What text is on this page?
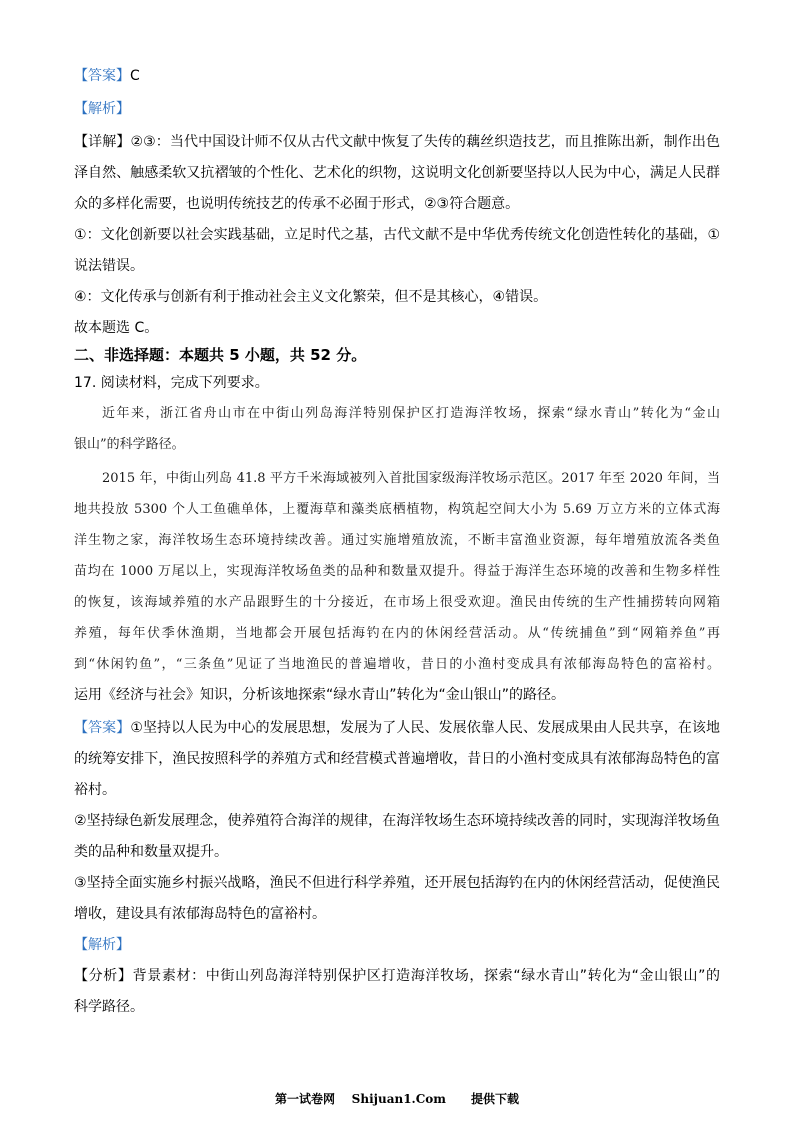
【答案】C
【解析】
【详解】②③：当代中国设计师不仅从古代文献中恢复了失传的藕丝织造技艺，而且推陈出新，制作出色
泽自然、触感柔软又抗褶皱的个性化、艺术化的织物，这说明文化创新要坚持以人民为中心，满足人民群
众的多样化需要，也说明传统技艺的传承不必囿于形式，②③符合题意。
①：文化创新要以社会实践基础，立足时代之基，古代文献不是中华优秀传统文化创造性转化的基础，①
说法错误。
④：文化传承与创新有利于推动社会主义文化繁荣，但不是其核心，④错误。
故本题选 C。
二、非选择题：本题共 5 小题，共 52 分。
17. 阅读材料，完成下列要求。
近年来，浙江省舟山市在中街山列岛海洋特别保护区打造海洋牧场，探索“绿水青山”转化为“金山
银山”的科学路径。
2015 年，中街山列岛 41.8 平方千米海域被列入首批国家级海洋牧场示范区。2017 年至 2020 年间，当
地共投放 5300 个人工鱼礁单体，上覆海草和藻类底栖植物，构筑起空间大小为 5.69 万立方米的立体式海
洋生物之家，海洋牧场生态环境持续改善。通过实施增殖放流，不断丰富渔业资源，每年增殖放流各类鱼
苗均在 1000 万尾以上，实现海洋牧场鱼类的品种和数量双提升。得益于海洋生态环境的改善和生物多样性
的恢复，该海域养殖的水产品跟野生的十分接近，在市场上很受欢迎。渔民由传统的生产性捕捞转向网箱
养殖，每年伏季休渔期，当地都会开展包括海钓在内的休闲经营活动。从“传统捕鱼”到“网箱养鱼”再
到“休闲钓鱼”，“三条鱼”见证了当地渔民的普遍增收，昔日的小渔村变成具有浓郁海岛特色的富裕村。
运用《经济与社会》知识，分析该地探索“绿水青山”转化为“金山银山”的路径。
【答案】①坚持以人民为中心的发展思想，发展为了人民、发展依靠人民、发展成果由人民共享，在该地
的统筹安排下，渔民按照科学的养殖方式和经营模式普遍增收，昔日的小渔村变成具有浓郁海岛特色的富
裕村。
②坚持绿色新发展理念，使养殖符合海洋的规律，在海洋牧场生态环境持续改善的同时，实现海洋牧场鱼
类的品种和数量双提升。
③坚持全面实施乡村振兴战略，渔民不但进行科学养殖，还开展包括海钓在内的休闲经营活动，促使渔民
增收，建设具有浓郁海岛特色的富裕村。
【解析】
【分析】背景素材：中街山列岛海洋特别保护区打造海洋牧场，探索“绿水青山”转化为“金山银山”的
科学路径。
第一试卷网 Shijuan1.Com 提供下载
